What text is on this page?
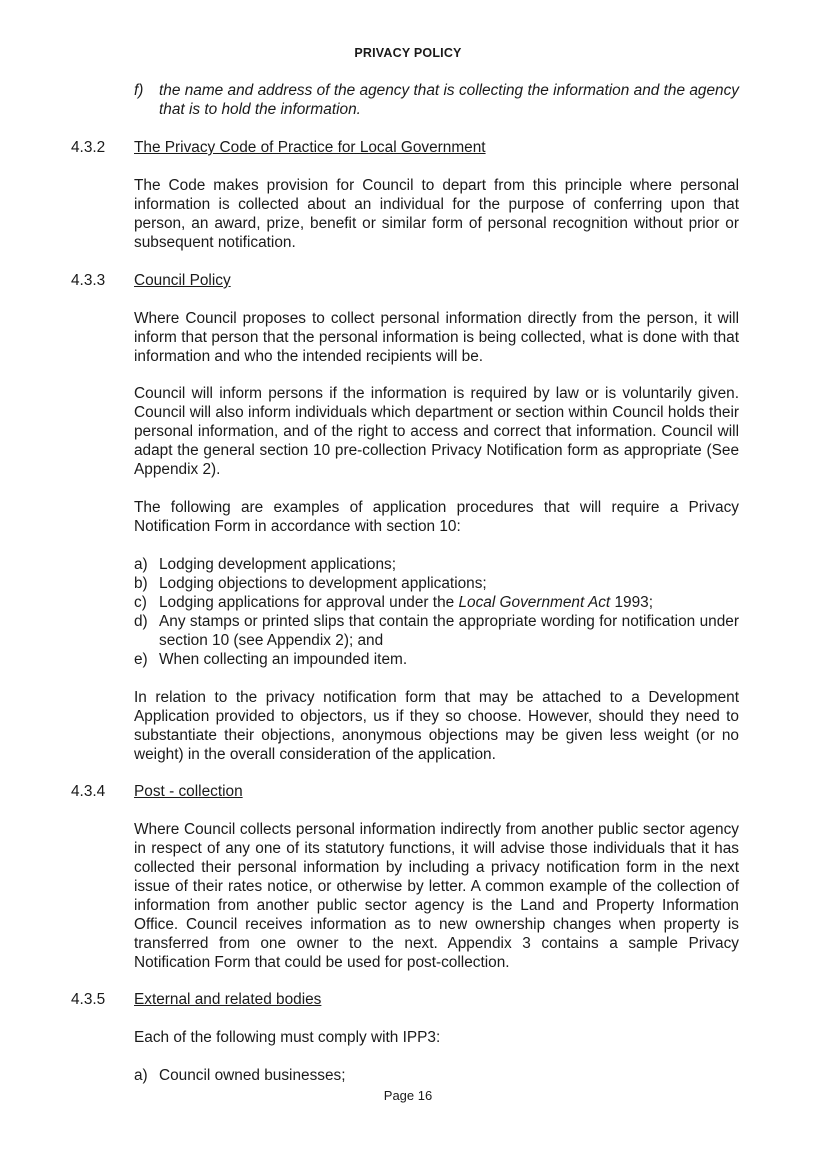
PRIVACY POLICY
f) the name and address of the agency that is collecting the information and the agency that is to hold the information.
4.3.2 The Privacy Code of Practice for Local Government

The Code makes provision for Council to depart from this principle where personal information is collected about an individual for the purpose of conferring upon that person, an award, prize, benefit or similar form of personal recognition without prior or subsequent notification.

4.3.3 Council Policy

Where Council proposes to collect personal information directly from the person, it will inform that person that the personal information is being collected, what is done with that information and who the intended recipients will be.

Council will inform persons if the information is required by law or is voluntarily given. Council will also inform individuals which department or section within Council holds their personal information, and of the right to access and correct that information. Council will adapt the general section 10 pre-collection Privacy Notification form as appropriate (See Appendix 2).

The following are examples of application procedures that will require a Privacy Notification Form in accordance with section 10:

a) Lodging development applications;
b) Lodging objections to development applications;
c) Lodging applications for approval under the Local Government Act 1993;
d) Any stamps or printed slips that contain the appropriate wording for notification under section 10 (see Appendix 2); and
e) When collecting an impounded item.

In relation to the privacy notification form that may be attached to a Development Application provided to objectors, us if they so choose. However, should they need to substantiate their objections, anonymous objections may be given less weight (or no weight) in the overall consideration of the application.

4.3.4 Post - collection

Where Council collects personal information indirectly from another public sector agency in respect of any one of its statutory functions, it will advise those individuals that it has collected their personal information by including a privacy notification form in the next issue of their rates notice, or otherwise by letter. A common example of the collection of information from another public sector agency is the Land and Property Information Office. Council receives information as to new ownership changes when property is transferred from one owner to the next. Appendix 3 contains a sample Privacy Notification Form that could be used for post-collection.

4.3.5 External and related bodies

Each of the following must comply with IPP3:

a) Council owned businesses;
Page 16
